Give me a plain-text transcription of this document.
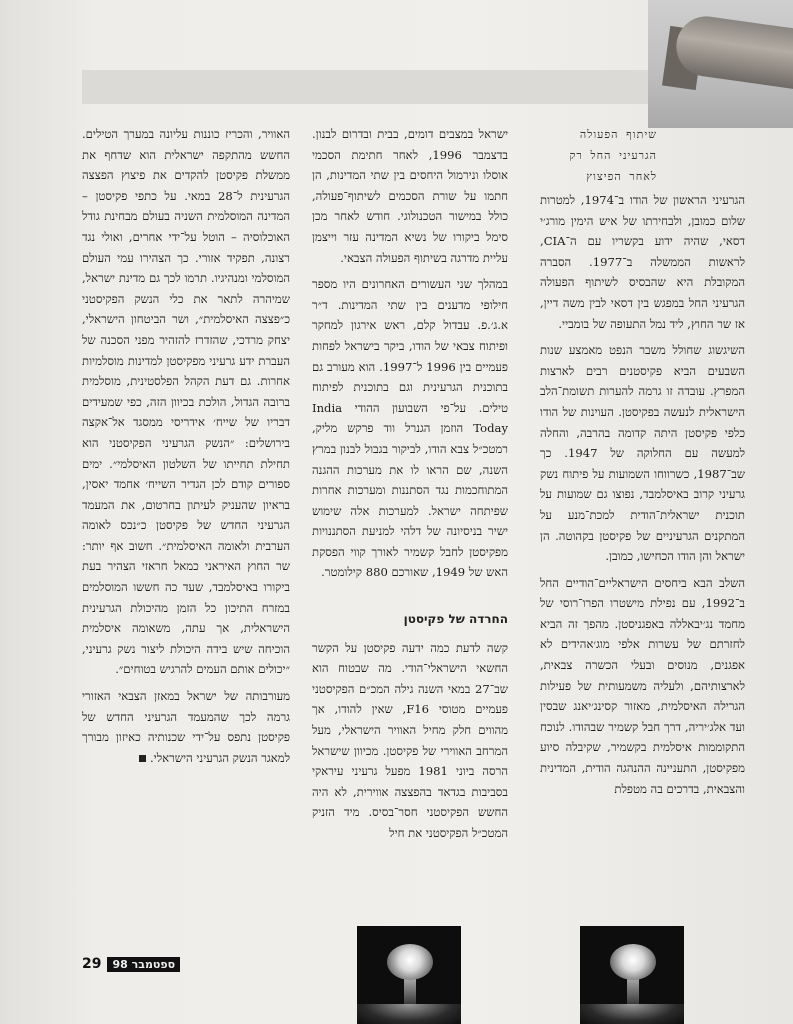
שיתוף הפעולה
הגרעיני החל רק
לאחר הפיצוץ

הגרעיני הראשון של הודו ב־1974, למטרות שלום כמובן, ולבחירתו של איש הימין מורג׳י דסאי, שהיה ידוע בקשריו עם ה־CIA, לראשות הממשלה ב־1977. הסברה המקובלת היא שהבסיס לשיתוף הפעולה הגרעיני החל במפגש בין דסאי לבין משה דיין, אז שר החוץ, ליד נמל התעופה של בומביי.

השיגשוג שחולל משבר הנפט מאמצע שנות השבעים הביא פקיסטנים רבים לארצות המפרץ. עובדה זו גרמה להערות תשומת־הלב הישראלית לנעשה בפקיסטן. העוינות של הודו כלפי פקיסטן היתה קדומה בהרבה, והחלה למעשה עם החלוקה של 1947. כך שב־1987, כשרווחו השמועות על פיתוח נשק גרעיני קרוב באיסלמבד, נפוצו גם שמועות על תוכנית ישראלית־הודית למכת־מנע על המתקנים הגרעיניים של פקיסטן בקהוטה. הן ישראל והן הודו הכחישו, כמובן.

השלב הבא ביחסים הישראליים־הודיים החל ב־1992, עם נפילת מישטרו הפרו־רוסי של מחמד נג׳יבאללה באפגניסטן. מהפך זה הביא לחזרתם של עשרות אלפי מוג׳אהידים לא אפגנים, מנוסים ובעלי הכשרה צבאית, לארצותיהם, ולעליה משמעותית של פעילות הגרילה האיסלמית, מאזור קסינג׳יאנג שבסין ועד אלג׳יריה, דרך חבל קשמיר שבהודו. לנוכח התקוממות איסלמית בקשמיר, שקיבלה סיוע מפקיסטן, התעניינה ההנהגה הודית, המדינית והצבאית, בדרכים בה מטפלת

ישראל במצבים דומים, בבית ובדרום לבנון. בדצמבר 1996, לאחר חתימת הסכמי אוסלו ונירמול היחסים בין שתי המדינות, הן חתמו על שורת הסכמים לשיתוף־פעולה, כולל במישור הטכנולוגי. חודש לאחר מכן סימל ביקורו של נשיא המדינה עזר וייצמן עליית מדרגה בשיתוף הפעולה הצבאי.

במהלך שני העשורים האחרונים היו מספר חילופי מדענים בין שתי המדינות. ד״ר א.ג׳.פ. עבדול קלם, ראש אירגון למחקר ופיתוח צבאי של הודו, ביקר בישראל לפחות פעמיים בין 1996 ל־1997. הוא מעורב גם בתוכנית הגרעינית וגם בתוכנית לפיתוח טילים. על־פי השבועון ההודי India Today הוזמן הגנרל ווד פרקש מליק, רמטכ״ל צבא הודו, לביקור בגבול לבנון במרץ השנה, שם הראו לו את מערכות ההגנה המתוחכמות נגד הסתננות ומערכות אחרות שפיתחה ישראל. למערכות אלה שימוש ישיר בניסיונה של דלהי למניעת הסתננויות מפקיסטן לחבל קשמיר לאורך קווי הפסקת האש של 1949, שאורכם 880 קילומטר.

החרדה של פקיסטן

קשה לדעת כמה ידעה פקיסטן על הקשר החשאי הישראלי־הודי. מה שבטוח הוא שב־27 במאי השנה גילה המכ״ם הפקיסטני פעמיים מטוסי F16, שאין להודו, אך מהווים חלק מחיל האוויר הישראלי, מעל המרחב האווירי של פקיסטן. מכיוון שישראל הרסה ביוני 1981 מפעל גרעיני עיראקי בסביבות בגדאד בהפצצה אווירית, לא היה החשש הפקיסטני חסר־בסיס. מיד הזניק המטכ״ל הפקיסטני את חיל

האוויר, והכריז כוננות עליונה במערך הטילים. החשש מהתקפה ישראלית הוא שדחף את ממשלת פקיסטן להקדים את פיצוץ הפצצה הגרעינית ל־28 במאי. על כתפי פקיסטן – המדינה המוסלמית השניה בעולם מבחינת גודל האוכלוסיה – הוטל על־ידי אחרים, ואולי נגד רצונה, תפקיד אזורי. כך הצהירו עמי העולם המוסלמי ומנהיגיו. תרמו לכך גם מדינת ישראל, שמיהרה לתאר את כלי הנשק הפקיסטני כ״פצצה האיסלמית״, ושר הביטחון הישראלי, יצחק מרדכי, שהזדרז להזהיר מפני הסכנה של העברת ידע גרעיני מפקיסטן למדינות מוסלמיות אחרות. גם דעת הקהל הפלסטינית, מוסלמית ברובה הגדול, הולכת בכיוון הזה, כפי שמעידים דבריו של שייח׳ אידריסי ממסגד אל־אקצה בירושלים: ״הנשק הגרעיני הפקיסטני הוא תחילת תחייתו של השלטון האיסלמי״. ימים ספורים קודם לכן הגדיר השייח׳ אחמד יאסין, בראיון שהעניק לעיתון בחרטום, את המעמד הגרעיני החדש של פקיסטן כ״נכס לאומה הערבית ולאומה האיסלמית״. חשוב אף יותר: שר החוץ האיראני כמאל חראזי הצהיר בעת ביקורו באיסלמבד, שעד כה חששו המוסלמים במזרח התיכון כל הזמן מהיכולת הגרעינית הישראלית, אך עתה, משאומה איסלמית הוכיחה שיש בידה היכולת ליצור נשק גרעיני, ״יכולים אותם העמים להרגיש בטוחים״.

מעורבותה של ישראל במאזן הצבאי האזורי גרמה לכך שהמעמד הגרעיני החדש של פקיסטן נתפס על־ידי שכנותיה כאיזון מבורך למאגר הנשק הגרעיני הישראלי.

29	ספטמבר 98
